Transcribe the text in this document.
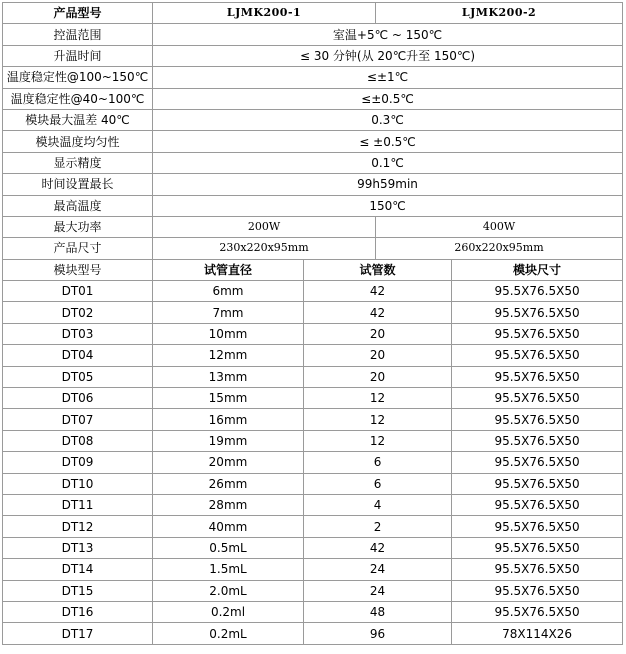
产品型号	LJMK200-1		LJMK200-2	
控温范围	室温+5℃ ~ 150℃			
升温时间	≤ 30 分钟(从 20℃升至 150℃)			
温度稳定性@100~150℃	≤±1℃			
温度稳定性@40~100℃	≤±0.5℃			
模块最大温差 40℃	0.3℃			
模块温度均匀性	≤ ±0.5℃			
显示精度	0.1℃			
时间设置最长	99h59min			
最高温度	150℃			
最大功率	200W		400W	
产品尺寸	230x220x95mm		260x220x95mm	
模块型号	试管直径	试管数		模块尺寸
DT01	6mm	42		95.5X76.5X50
DT02	7mm	42		95.5X76.5X50
DT03	10mm	20		95.5X76.5X50
DT04	12mm	20		95.5X76.5X50
DT05	13mm	20		95.5X76.5X50
DT06	15mm	12		95.5X76.5X50
DT07	16mm	12		95.5X76.5X50
DT08	19mm	12		95.5X76.5X50
DT09	20mm	6		95.5X76.5X50
DT10	26mm	6		95.5X76.5X50
DT11	28mm	4		95.5X76.5X50
DT12	40mm	2		95.5X76.5X50
DT13	0.5mL	42		95.5X76.5X50
DT14	1.5mL	24		95.5X76.5X50
DT15	2.0mL	24		95.5X76.5X50
DT16	0.2ml	48		95.5X76.5X50
DT17	0.2mL	96		78X114X26
